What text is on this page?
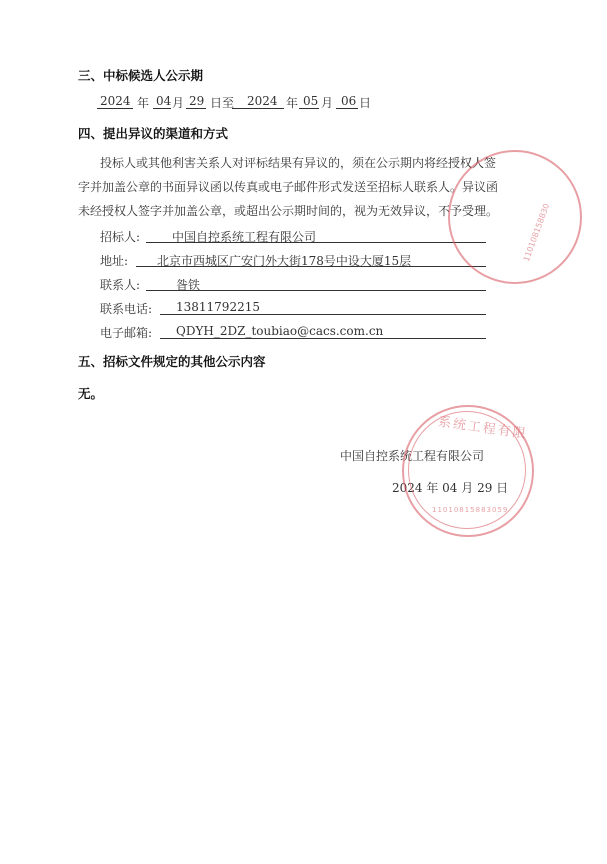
三、中标候选人公示期
2024 年 04 月 29 日至 2024 年 05 月 06 日
四、提出异议的渠道和方式
投标人或其他利害关系人对评标结果有异议的，须在公示期内将经授权人签
字并加盖公章的书面异议函以传真或电子邮件形式发送至招标人联系人。异议函
未经授权人签字并加盖公章，或超出公示期时间的，视为无效异议，不予受理。
招标人:	中国自控系统工程有限公司
地址: 北京市西城区广安门外大街178号中设大厦15层
联系人:	昝铁
联系电话: 13811792215
电子邮箱: QDYH_2DZ_toubiao@cacs.com.cn
五、招标文件规定的其他公示内容
无。
中国自控系统工程有限公司
2024 年 04 月 29 日
110108158830
系统工程有限
11010815883059
